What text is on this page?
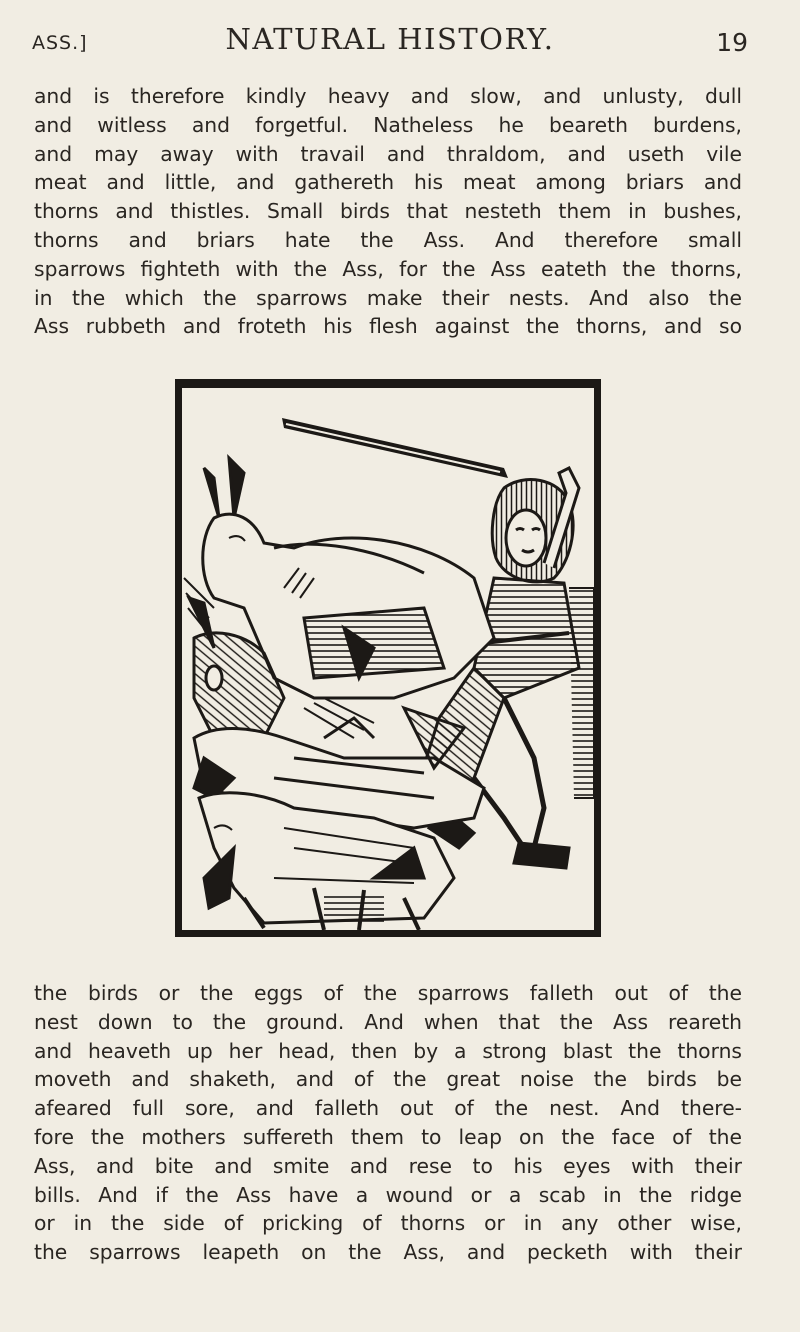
ASS.]	NATURAL HISTORY.	19

and is therefore kindly heavy and slow, and unlusty, dull
and witless and forgetful. Natheless he beareth burdens,
and may away with travail and thraldom, and useth vile
meat and little, and gathereth his meat among briars and
thorns and thistles. Small birds that nesteth them in bushes,
thorns and briars hate the Ass. And therefore small
sparrows fighteth with the Ass, for the Ass eateth the thorns,
in the which the sparrows make their nests. And also the
Ass rubbeth and froteth his flesh against the thorns, and so

the birds or the eggs of the sparrows falleth out of the
nest down to the ground. And when that the Ass reareth
and heaveth up her head, then by a strong blast the thorns
moveth and shaketh, and of the great noise the birds be
afeared full sore, and falleth out of the nest. And there-
fore the mothers suffereth them to leap on the face of the
Ass, and bite and smite and rese to his eyes with their
bills. And if the Ass have a wound or a scab in the ridge
or in the side of pricking of thorns or in any other wise,
the sparrows leapeth on the Ass, and pecketh with their
